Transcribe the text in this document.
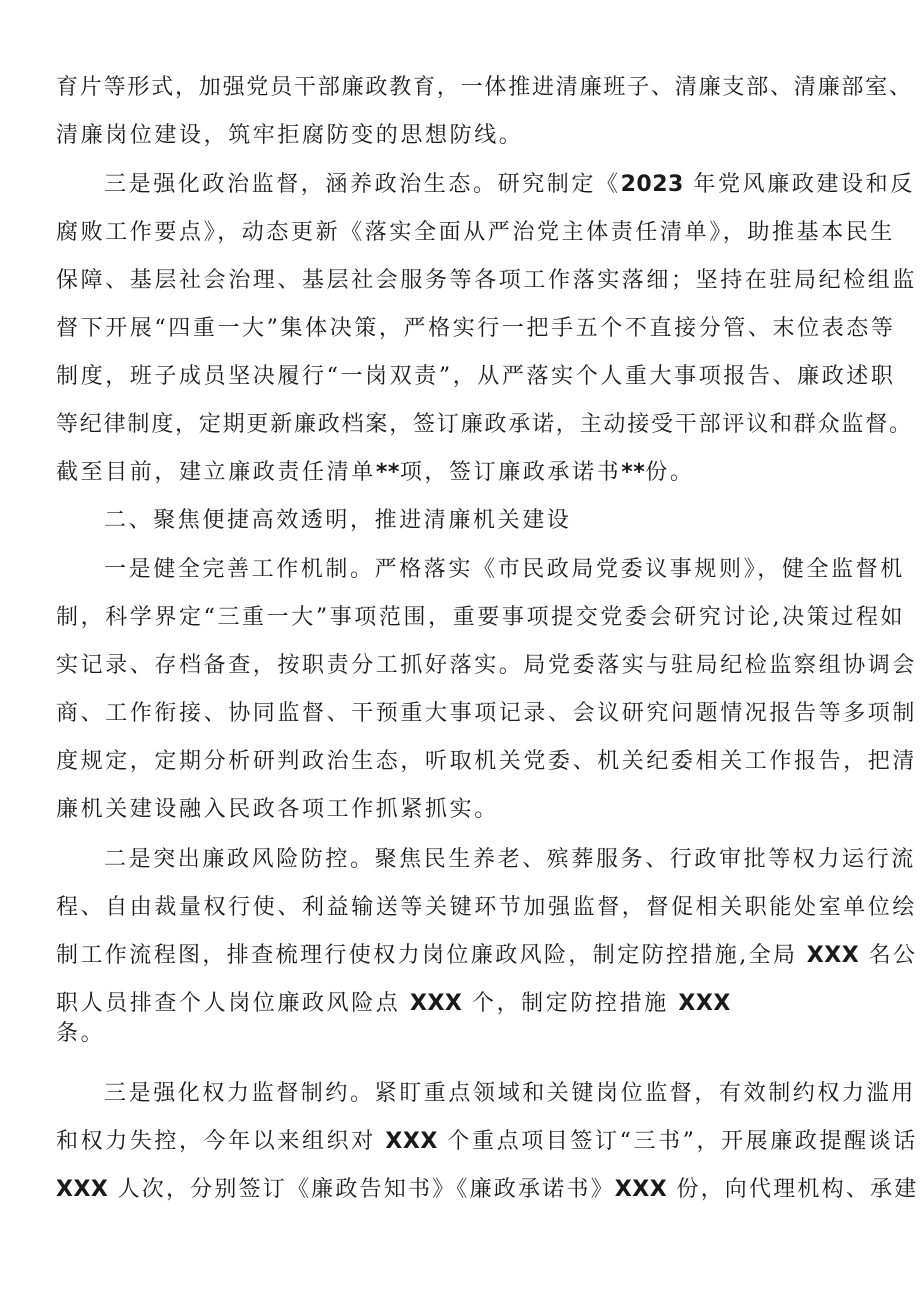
育片等形式，加强党员干部廉政教育，一体推进清廉班子、清廉支部、清廉部室、
清廉岗位建设，筑牢拒腐防变的思想防线。
三是强化政治监督，涵养政治生态。研究制定《2023 年党风廉政建设和反
腐败工作要点》，动态更新《落实全面从严治党主体责任清单》，助推基本民生
保障、基层社会治理、基层社会服务等各项工作落实落细；坚持在驻局纪检组监
督下开展“四重一大”集体决策，严格实行一把手五个不直接分管、末位表态等
制度，班子成员坚决履行“一岗双责”，从严落实个人重大事项报告、廉政述职
等纪律制度，定期更新廉政档案，签订廉政承诺，主动接受干部评议和群众监督。
截至目前，建立廉政责任清单**项，签订廉政承诺书**份。
二、聚焦便捷高效透明，推进清廉机关建设
一是健全完善工作机制。严格落实《市民政局党委议事规则》，健全监督机
制，科学界定“三重一大”事项范围，重要事项提交党委会研究讨论,决策过程如
实记录、存档备查，按职责分工抓好落实。局党委落实与驻局纪检监察组协调会
商、工作衔接、协同监督、干预重大事项记录、会议研究问题情况报告等多项制
度规定，定期分析研判政治生态，听取机关党委、机关纪委相关工作报告，把清
廉机关建设融入民政各项工作抓紧抓实。
二是突出廉政风险防控。聚焦民生养老、殡葬服务、行政审批等权力运行流
程、自由裁量权行使、利益输送等关键环节加强监督，督促相关职能处室单位绘
制工作流程图，排查梳理行使权力岗位廉政风险，制定防控措施,全局 XXX 名公
职人员排查个人岗位廉政风险点 XXX 个，制定防控措施 XXX
条。
三是强化权力监督制约。紧盯重点领域和关键岗位监督，有效制约权力滥用
和权力失控，今年以来组织对 XXX 个重点项目签订“三书”，开展廉政提醒谈话
XXX 人次，分别签订《廉政告知书》《廉政承诺书》XXX 份，向代理机构、承建
